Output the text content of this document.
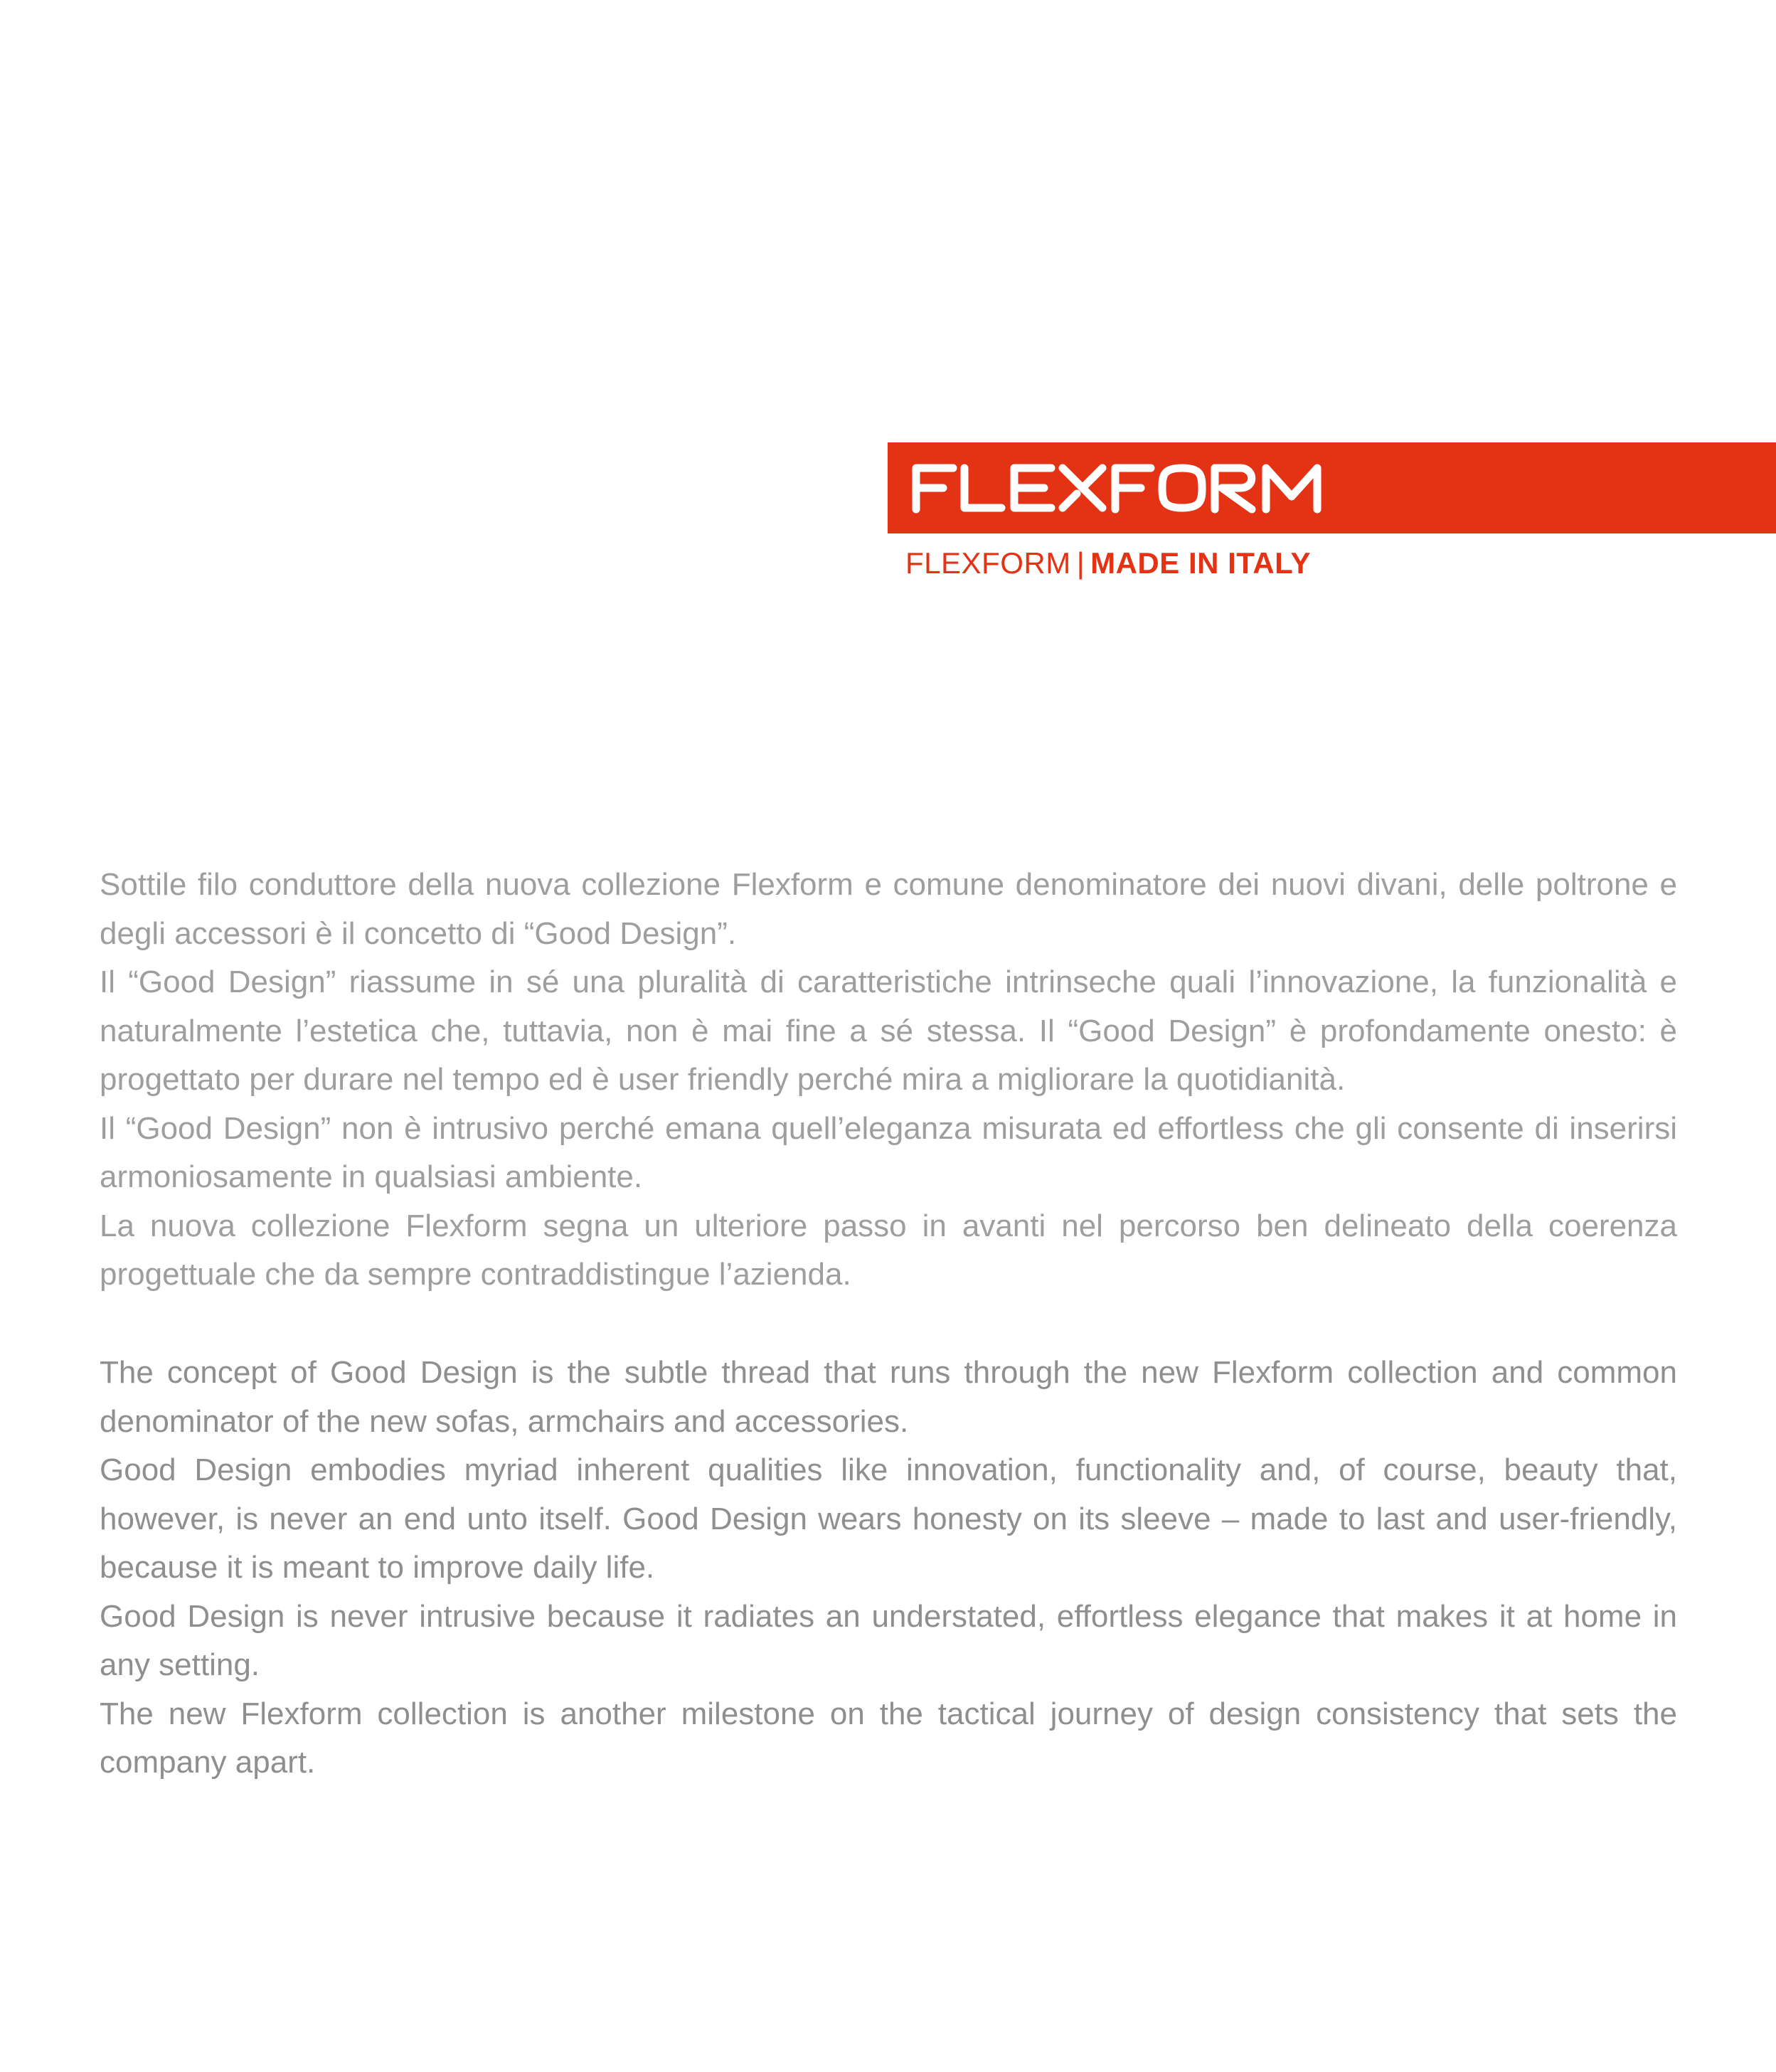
FLEXFORM | MADE IN ITALY

Sottile filo conduttore della nuova collezione Flexform e comune denominatore dei nuovi divani, delle poltrone e degli accessori è il concetto di “Good Design”.

Il “Good Design” riassume in sé una pluralità di caratteristiche intrinseche quali l’innovazione, la funzionalità e naturalmente l’estetica che, tuttavia, non è mai fine a sé stessa. Il “Good Design” è profondamente onesto: è progettato per durare nel tempo ed è user friendly perché mira a migliorare la quotidianità.

Il “Good Design” non è intrusivo perché emana quell’eleganza misurata ed effortless che gli consente di inserirsi armoniosamente in qualsiasi ambiente.

La nuova collezione Flexform segna un ulteriore passo in avanti nel percorso ben delineato della coerenza progettuale che da sempre contraddistingue l’azienda.

The concept of Good Design is the subtle thread that runs through the new Flexform collection and common denominator of the new sofas, armchairs and accessories.

Good Design embodies myriad inherent qualities like innovation, functionality and, of course, beauty that, however, is never an end unto itself. Good Design wears honesty on its sleeve – made to last and user-friendly, because it is meant to improve daily life.

Good Design is never intrusive because it radiates an understated, effortless elegance that makes it at home in any setting.

The new Flexform collection is another milestone on the tactical journey of design consistency that sets the company apart.
